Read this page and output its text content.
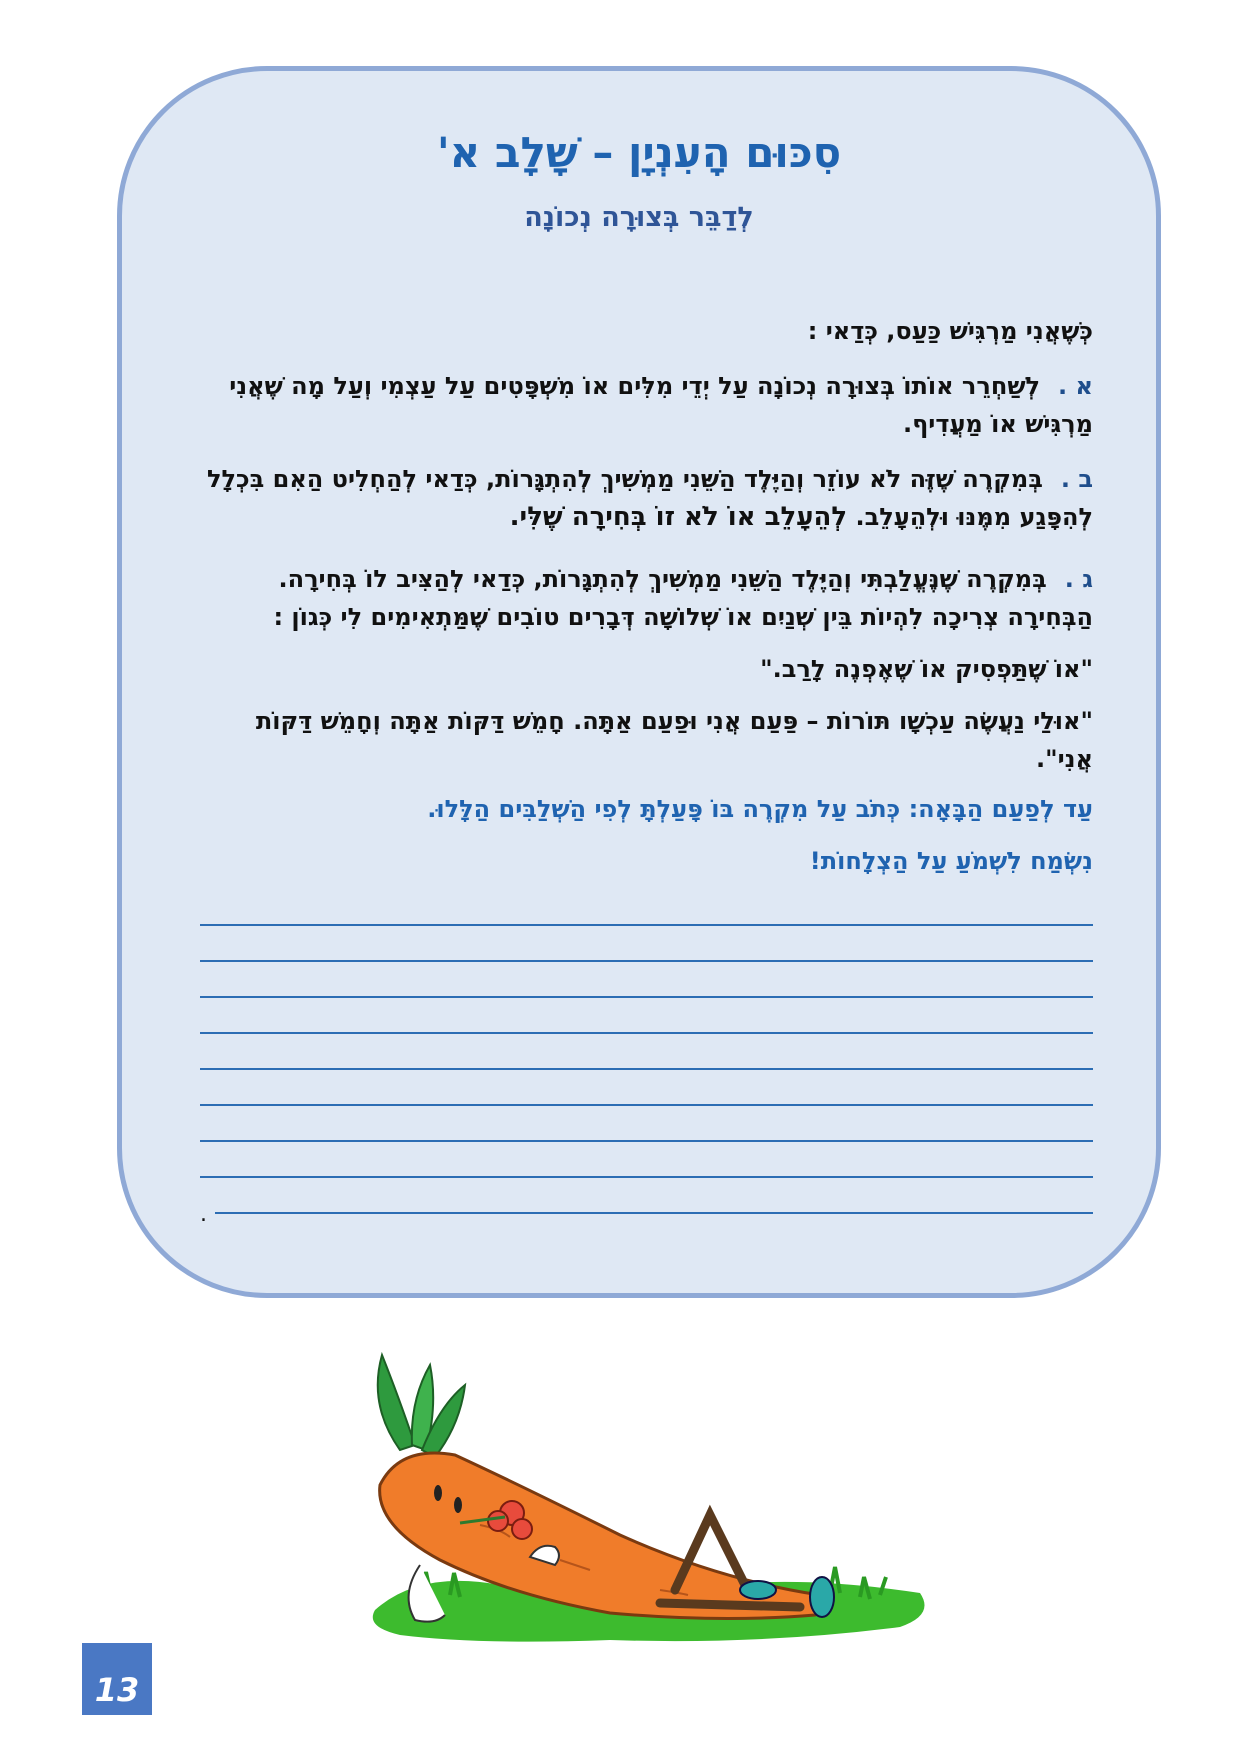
סִכּוּם הָעִנְיָן – שָׁלָב א'
לְדַבֵּר בְּצוּרָה נְכוֹנָה
כְּשֶׁאֲנִי מַרְגִּישׁ כַּעַס, כְּדַאי :
א .לְשַׁחְרֵר אוֹתוֹ בְּצוּרָה נְכוֹנָה עַל יְדֵי מִלִּים אוֹ מִשְׁפָּטִים עַל עַצְמִי וְעַל מָה שֶׁאֲנִי מַרְגִּישׁ אוֹ מַעֲדִיף.
ב .בְּמִקְרֶה שֶׁזֶּה לֹא עוֹזֵר וְהַיֶּלֶד הַשֵּׁנִי מַמְשִׁיךְ לְהִתְגָּרוֹת, כְּדַאי לְהַחְלִיט הַאִם בִּכְלָל לְהִפָּגַע מִמֶּנּוּ וּלְהֵעָלֵב. לְהֵעָלֵב אוֹ לֹא זוֹ בְּחִירָה שֶׁלִּי.
ג .בְּמִקְרֶה שֶׁנֶּעֱלַבְתִּי וְהַיֶּלֶד הַשֵּׁנִי מַמְשִׁיךְ לְהִתְגָּרוֹת, כְּדַאי לְהַצִּיב לוֹ בְּחִירָה. הַבְּחִירָה צְרִיכָה לִהְיוֹת בֵּין שְׁנַיִם אוֹ שְׁלוֹשָׁה דְּבָרִים טוֹבִים שֶׁמַּתְאִימִים לִי כְּגוֹן :
"אוֹ שֶׁתַּפְסִיק אוֹ שֶׁאֶפְנֶה לָרַב."
"אוּלַי נַעֲשֶׂה עַכְשָׁו תּוֹרוֹת – פַּעַם אֲנִי וּפַעַם אַתָּה. חָמֵשׁ דַּקּוֹת אַתָּה וְחָמֵשׁ דַּקּוֹת אֲנִי".
עַד לְפַעַם הַבָּאָה: כְּתֹב עַל מִקְרֶה בּוֹ פָּעַלְתָּ לְפִי הַשְׁלַבִּים הַלָּלוּ.
נִשְׂמַח לִשְׁמֹעַ עַל הַצְלָחוֹת!
.
13
